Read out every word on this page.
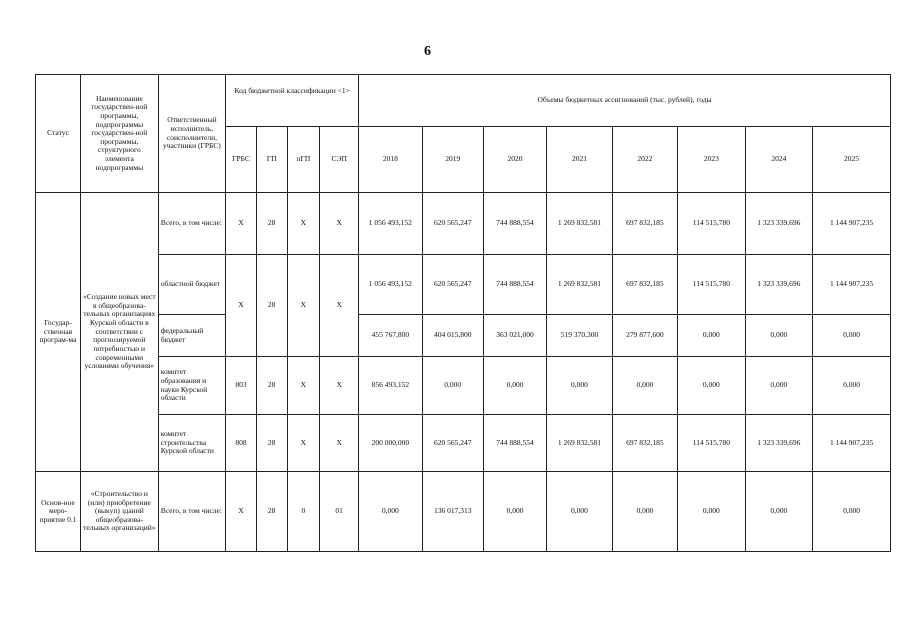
6
Статус	Наименование государствен-ной программы, подпрограммы государствен-ной программы, структурного элемента подпрограммы	Ответственный исполнитель, соисполнители, участники (ГРБС)	Код бюджетной классификации <1>				Объемы бюджетных ассигнований (тыс. рублей), годы							
			ГРБС	ГП	пГП	СЭП	2018	2019	2020	2021	2022	2023	2024	2025
Государ-ственная програм-ма	«Создание новых мест в общеобразова-тельных организациях Курской области в соответствии с прогнозируемой потребностью и современными условиями обучения»	Всего, в том числе:	Х	28	Х	Х	1 056 493,152	620 565,247	744 888,554	1 269 832,581	697 832,185	114 515,780	1 323 339,696	1 144 907,235
		областной бюджет	Х	28	Х	Х	1 056 493,152	620 565,247	744 888,554	1 269 832,581	697 832,185	114 515,780	1 323 339,696	1 144 907,235
		федеральный бюджет					455 767,800	404 015,800	363 021,000	519 370,300	279 877,600	0,000	0,000	0,000
		комитет образования и науки Курской области	803	28	Х	Х	856 493,152	0,000	0,000	0,000	0,000	0,000	0,000	0,000
		комитет строительства Курской области	808	28	Х	Х	200 000,000	620 565,247	744 888,554	1 269 832,581	697 832,185	114 515,780	1 323 339,696	1 144 907,235
Основ-ное меро-приятие 0.1	«Строительство и (или) приобретение (выкуп) зданий общеобразова-тельных организаций»	Всего, в том числе:	Х	28	0	01	0,000	136 017,313	0,000	0,000	0,000	0,000	0,000	0,000
